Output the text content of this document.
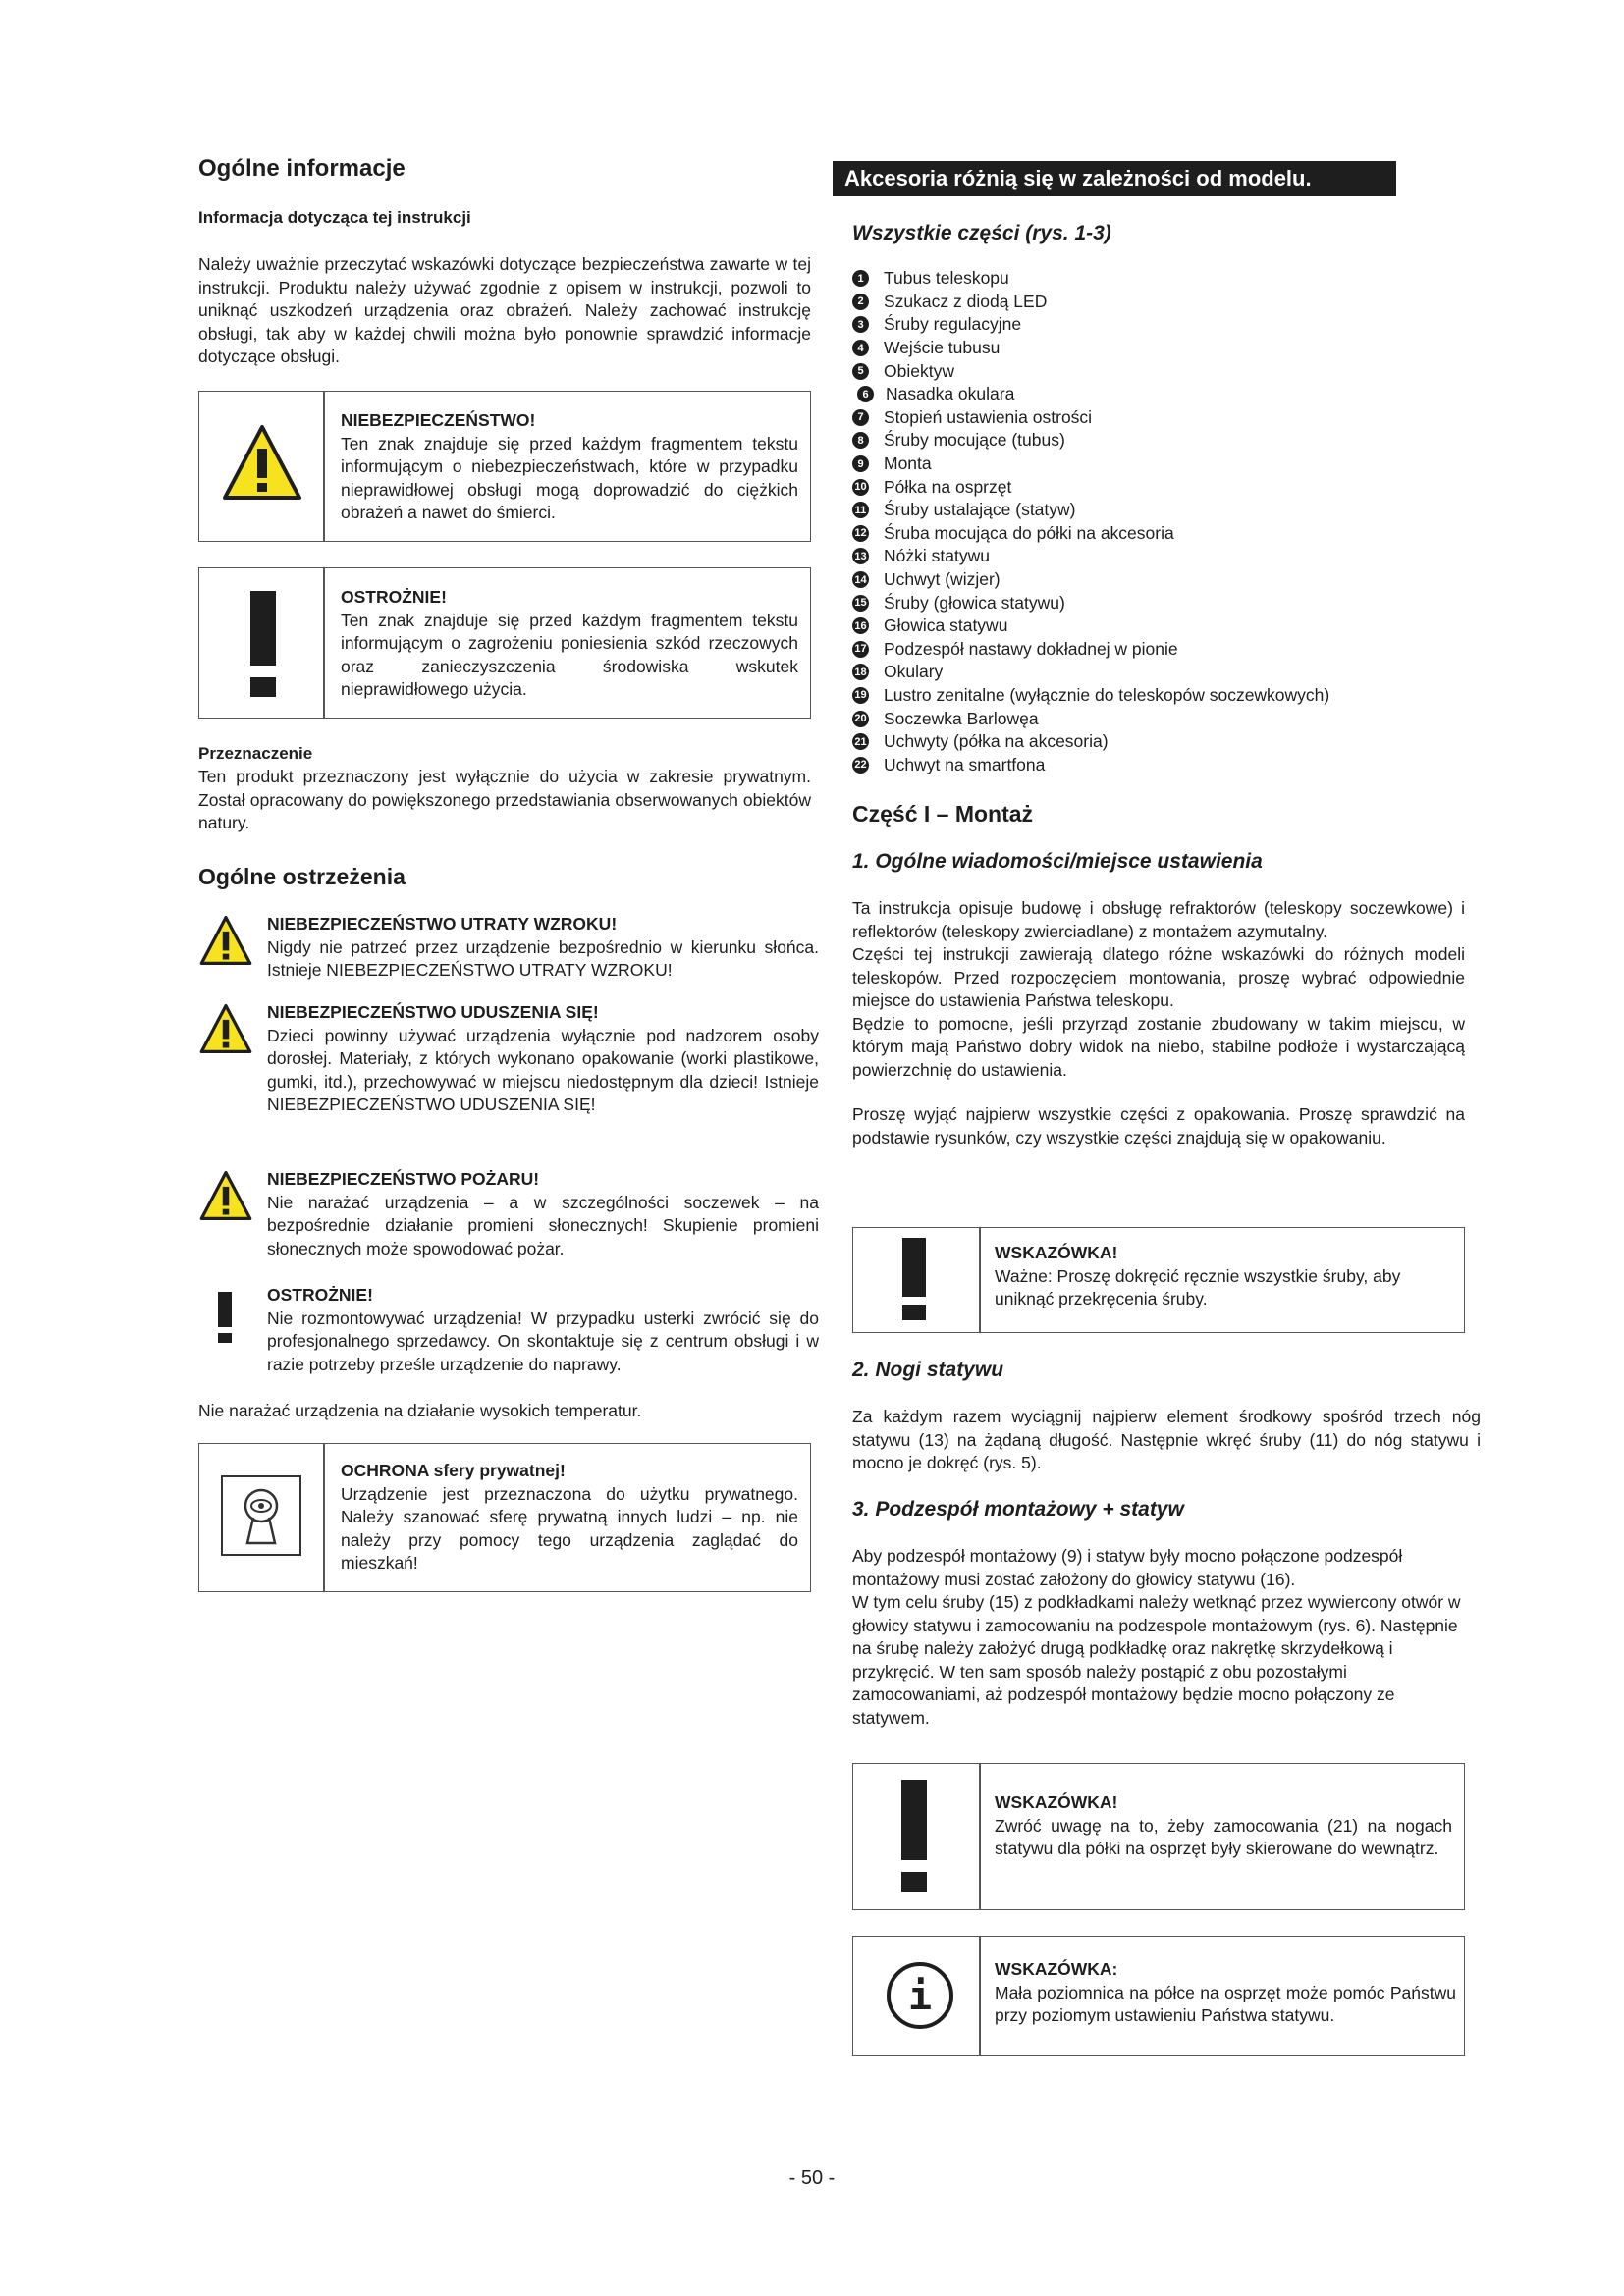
Ogólne informacje
Informacja dotycząca tej instrukcji
Należy uważnie przeczytać wskazówki dotyczące bezpieczeństwa zawarte w tej instrukcji. Produktu należy używać zgodnie z opisem w instrukcji, pozwoli to uniknąć uszkodzeń urządzenia oraz obrażeń. Należy zachować instrukcję obsługi, tak aby w każdej chwili można było ponownie sprawdzić informacje dotyczące obsługi.
NIEBEZPIECZEŃSTWO!
Ten znak znajduje się przed każdym fragmentem tekstu informującym o niebezpieczeństwach, które w przypadku nieprawidłowej obsługi mogą doprowadzić do ciężkich obrażeń a nawet do śmierci.
OSTROŻNIE!
Ten znak znajduje się przed każdym fragmentem tekstu informującym o zagrożeniu poniesienia szkód rzeczowych oraz zanieczyszczenia środowiska wskutek nieprawidłowego użycia.
Przeznaczenie
Ten produkt przeznaczony jest wyłącznie do użycia w zakresie prywatnym. Został opracowany do powiększonego przedstawiania obserwowanych obiektów natury.
Ogólne ostrzeżenia
NIEBEZPIECZEŃSTWO UTRATY WZROKU!
Nigdy nie patrzeć przez urządzenie bezpośrednio w kierunku słońca. Istnieje NIEBEZPIECZEŃSTWO UTRATY WZROKU!
NIEBEZPIECZEŃSTWO UDUSZENIA SIĘ!
Dzieci powinny używać urządzenia wyłącznie pod nadzorem osoby dorosłej. Materiały, z których wykonano opakowanie (worki plastikowe, gumki, itd.), przechowywać w miejscu niedostępnym dla dzieci! Istnieje NIEBEZPIECZEŃSTWO UDUSZENIA SIĘ!
NIEBEZPIECZEŃSTWO POŻARU!
Nie narażać urządzenia – a w szczególności soczewek – na bezpośrednie działanie promieni słonecznych! Skupienie promieni słonecznych może spowodować pożar.
OSTROŻNIE!
Nie rozmontowywać urządzenia! W przypadku usterki zwrócić się do profesjonalnego sprzedawcy. On skontaktuje się z centrum obsługi i w razie potrzeby prześle urządzenie do naprawy.
Nie narażać urządzenia na działanie wysokich temperatur.
OCHRONA sfery prywatnej!
Urządzenie jest przeznaczona do użytku prywatnego. Należy szanować sferę prywatną innych ludzi – np. nie należy przy pomocy tego urządzenia zaglądać do mieszkań!
Akcesoria różnią się w zależności od modelu.
Wszystkie części (rys. 1-3)
1	Tubus teleskopu
2	Szukacz z diodą LED
3	Śruby regulacyjne
4	Wejście tubusu
5	Obiektyw
6 Nasadka okulara
7	Stopień ustawienia ostrości
8	Śruby mocujące (tubus)
9	Monta
10 Półka na osprzęt
11 Śruby ustalające (statyw)
12 Śruba mocująca do półki na akcesoria
13 Nóżki statywu
14 Uchwyt (wizjer)
15 Śruby (głowica statywu)
16 Głowica statywu
17 Podzespół nastawy dokładnej w pionie
18 Okulary
19 Lustro zenitalne (wyłącznie do teleskopów soczewkowych)
20 Soczewka Barlowęa
21 Uchwyty (półka na akcesoria)
22 Uchwyt na smartfona
Część I – Montaż
1. Ogólne wiadomości/miejsce ustawienia
Ta instrukcja opisuje budowę i obsługę refraktorów (teleskopy soczewkowe) i reflektorów (teleskopy zwierciadlane) z montażem azymutalny.
Części tej instrukcji zawierają dlatego różne wskazówki do różnych modeli teleskopów. Przed rozpoczęciem montowania, proszę wybrać odpowiednie miejsce do ustawienia Państwa teleskopu.
Będzie to pomocne, jeśli przyrząd zostanie zbudowany w takim miejscu, w którym mają Państwo dobry widok na niebo, stabilne podłoże i wystarczającą powierzchnię do ustawienia.
Proszę wyjąć najpierw wszystkie części z opakowania. Proszę sprawdzić na podstawie rysunków, czy wszystkie części znajdują się w opakowaniu.
WSKAZÓWKA!
Ważne: Proszę dokręcić ręcznie wszystkie śruby, aby uniknąć przekręcenia śruby.
2. Nogi statywu
Za każdym razem wyciągnij najpierw element środkowy spośród trzech nóg statywu (13) na żądaną długość. Następnie wkręć śruby (11) do nóg statywu i mocno je dokręć (rys. 5).
3. Podzespół montażowy + statyw
Aby podzespół montażowy (9) i statyw były mocno połączone podzespół montażowy musi zostać założony do głowicy statywu (16).
W tym celu śruby (15) z podkładkami należy wetknąć przez wywiercony otwór w głowicy statywu i zamocowaniu na podzespole montażowym (rys. 6). Następnie na śrubę należy założyć drugą podkładkę oraz nakrętkę skrzydełkową i przykręcić. W ten sam sposób należy postąpić z obu pozostałymi zamocowaniami, aż podzespół montażowy będzie mocno połączony ze statywem.
WSKAZÓWKA!
Zwróć uwagę na to, żeby zamocowania (21) na nogach statywu dla półki na osprzęt były skierowane do wewnątrz.
i
WSKAZÓWKA:
Mała poziomnica na półce na osprzęt może pomóc Państwu przy poziomym ustawieniu Państwa statywu.
- 50 -
